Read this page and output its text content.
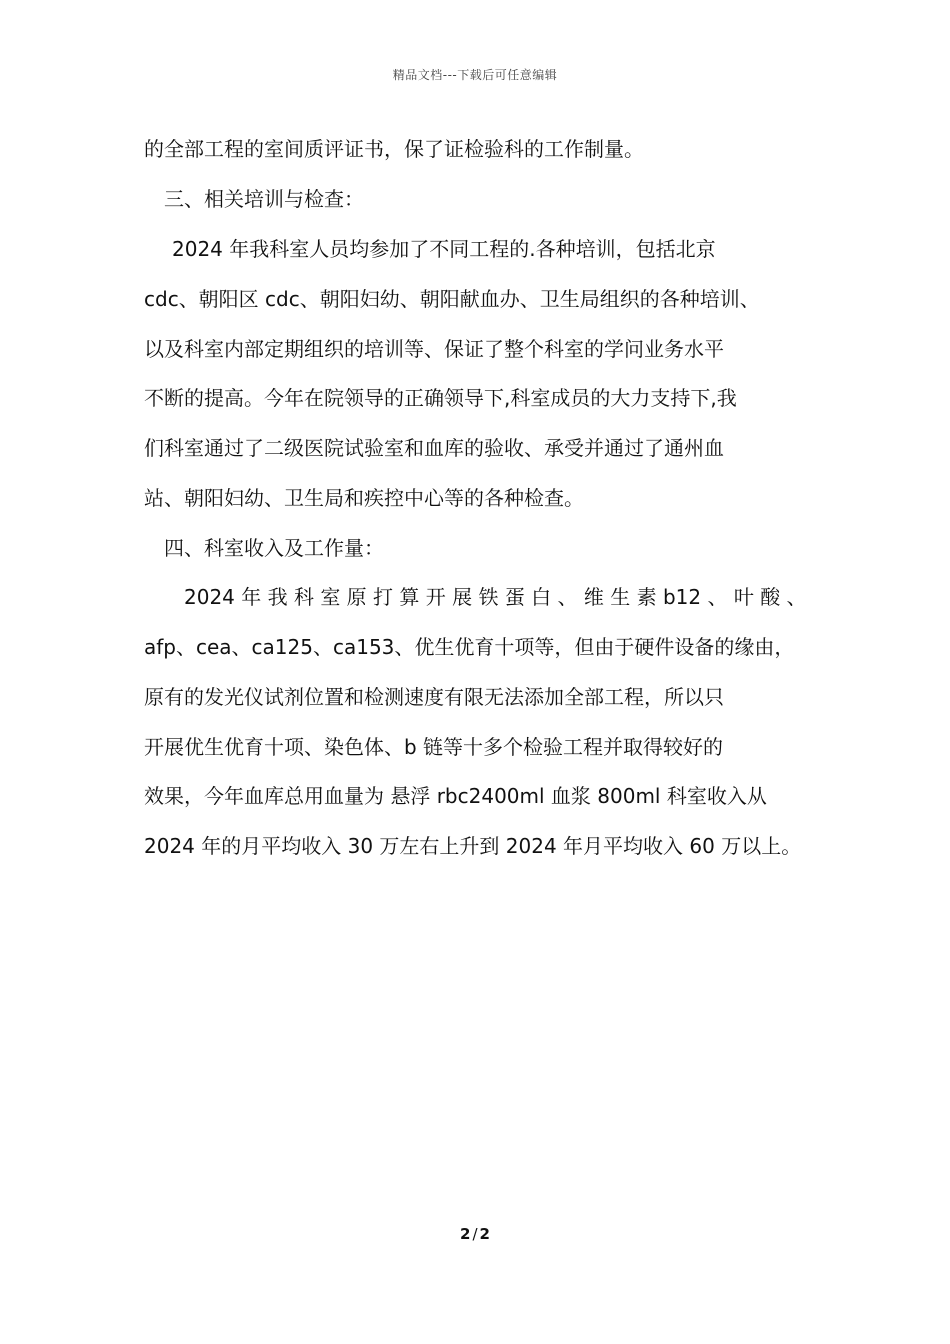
精品文档---下载后可任意编辑
的全部工程的室间质评证书，保了证检验科的工作制量。
三、相关培训与检查：
2024 年我科室人员均参加了不同工程的.各种培训，包括北京
cdc、朝阳区 cdc、朝阳妇幼、朝阳献血办、卫生局组织的各种培训、
以及科室内部定期组织的培训等、保证了整个科室的学问业务水平
不断的提高。今年在院领导的正确领导下,科室成员的大力支持下,我
们科室通过了二级医院试验室和血库的验收、承受并通过了通州血
站、朝阳妇幼、卫生局和疾控中心等的各种检查。
四、科室收入及工作量：
2024 年 我 科 室 原 打 算 开 展 铁 蛋 白 、 维 生 素 b12 、 叶 酸 、
afp、cea、ca125、ca153、优生优育十项等，但由于硬件设备的缘由，
原有的发光仪试剂位置和检测速度有限无法添加全部工程，所以只
开展优生优育十项、染色体、b 链等十多个检验工程并取得较好的
效果，今年血库总用血量为 悬浮 rbc2400ml 血浆 800ml 科室收入从
2024 年的月平均收入 30 万左右上升到 2024 年月平均收入 60 万以上。
2 / 2
